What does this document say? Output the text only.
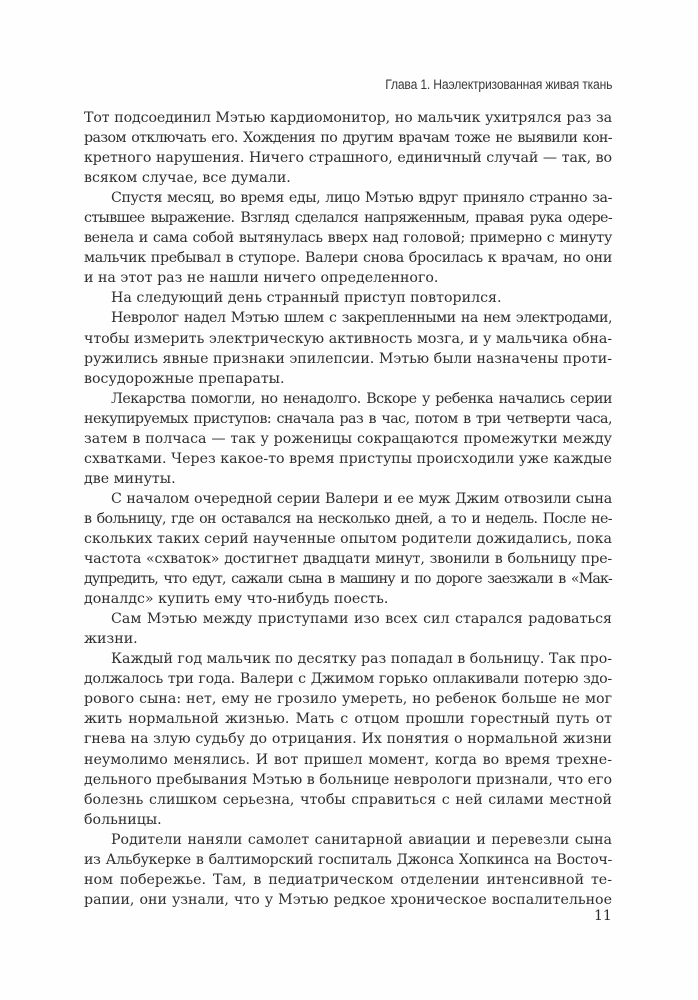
Глава 1. Наэлектризованная живая ткань
Тот подсоединил Мэтью кардиомонитор, но мальчик ухитрялся раз за
разом отключать его. Хождения по другим врачам тоже не выявили кон-
кретного нарушения. Ничего страшного, единичный случай — так, во
всяком случае, все думали.
Спустя месяц, во время еды, лицо Мэтью вдруг приняло странно за-
стывшее выражение. Взгляд сделался напряженным, правая рука одере-
венела и сама собой вытянулась вверх над головой; примерно с минуту
мальчик пребывал в ступоре. Валери снова бросилась к врачам, но они
и на этот раз не нашли ничего определенного.
На следующий день странный приступ повторился.
Невролог надел Мэтью шлем с закрепленными на нем электродами,
чтобы измерить электрическую активность мозга, и у мальчика обна-
ружились явные признаки эпилепсии. Мэтью были назначены проти-
восудорожные препараты.
Лекарства помогли, но ненадолго. Вскоре у ребенка начались серии
некупируемых приступов: сначала раз в час, потом в три четверти часа,
затем в полчаса — так у роженицы сокращаются промежутки между
схватками. Через какое-то время приступы происходили уже каждые
две минуты.
С началом очередной серии Валери и ее муж Джим отвозили сына
в больницу, где он оставался на несколько дней, а то и недель. После не-
скольких таких серий наученные опытом родители дожидались, пока
частота «схваток» достигнет двадцати минут, звонили в больницу пре-
дупредить, что едут, сажали сына в машину и по дороге заезжали в «Мак-
доналдс» купить ему что-нибудь поесть.
Сам Мэтью между приступами изо всех сил старался радоваться
жизни.
Каждый год мальчик по десятку раз попадал в больницу. Так про-
должалось три года. Валери с Джимом горько оплакивали потерю здо-
рового сына: нет, ему не грозило умереть, но ребенок больше не мог
жить нормальной жизнью. Мать с отцом прошли горестный путь от
гнева на злую судьбу до отрицания. Их понятия о нормальной жизни
неумолимо менялись. И вот пришел момент, когда во время трехне-
дельного пребывания Мэтью в больнице неврологи признали, что его
болезнь слишком серьезна, чтобы справиться с ней силами местной
больницы.
Родители наняли самолет санитарной авиации и перевезли сына
из Альбукерке в балтиморский госпиталь Джонса Хопкинса на Восточ-
ном побережье. Там, в педиатрическом отделении интенсивной те-
рапии, они узнали, что у Мэтью редкое хроническое воспалительное
11
